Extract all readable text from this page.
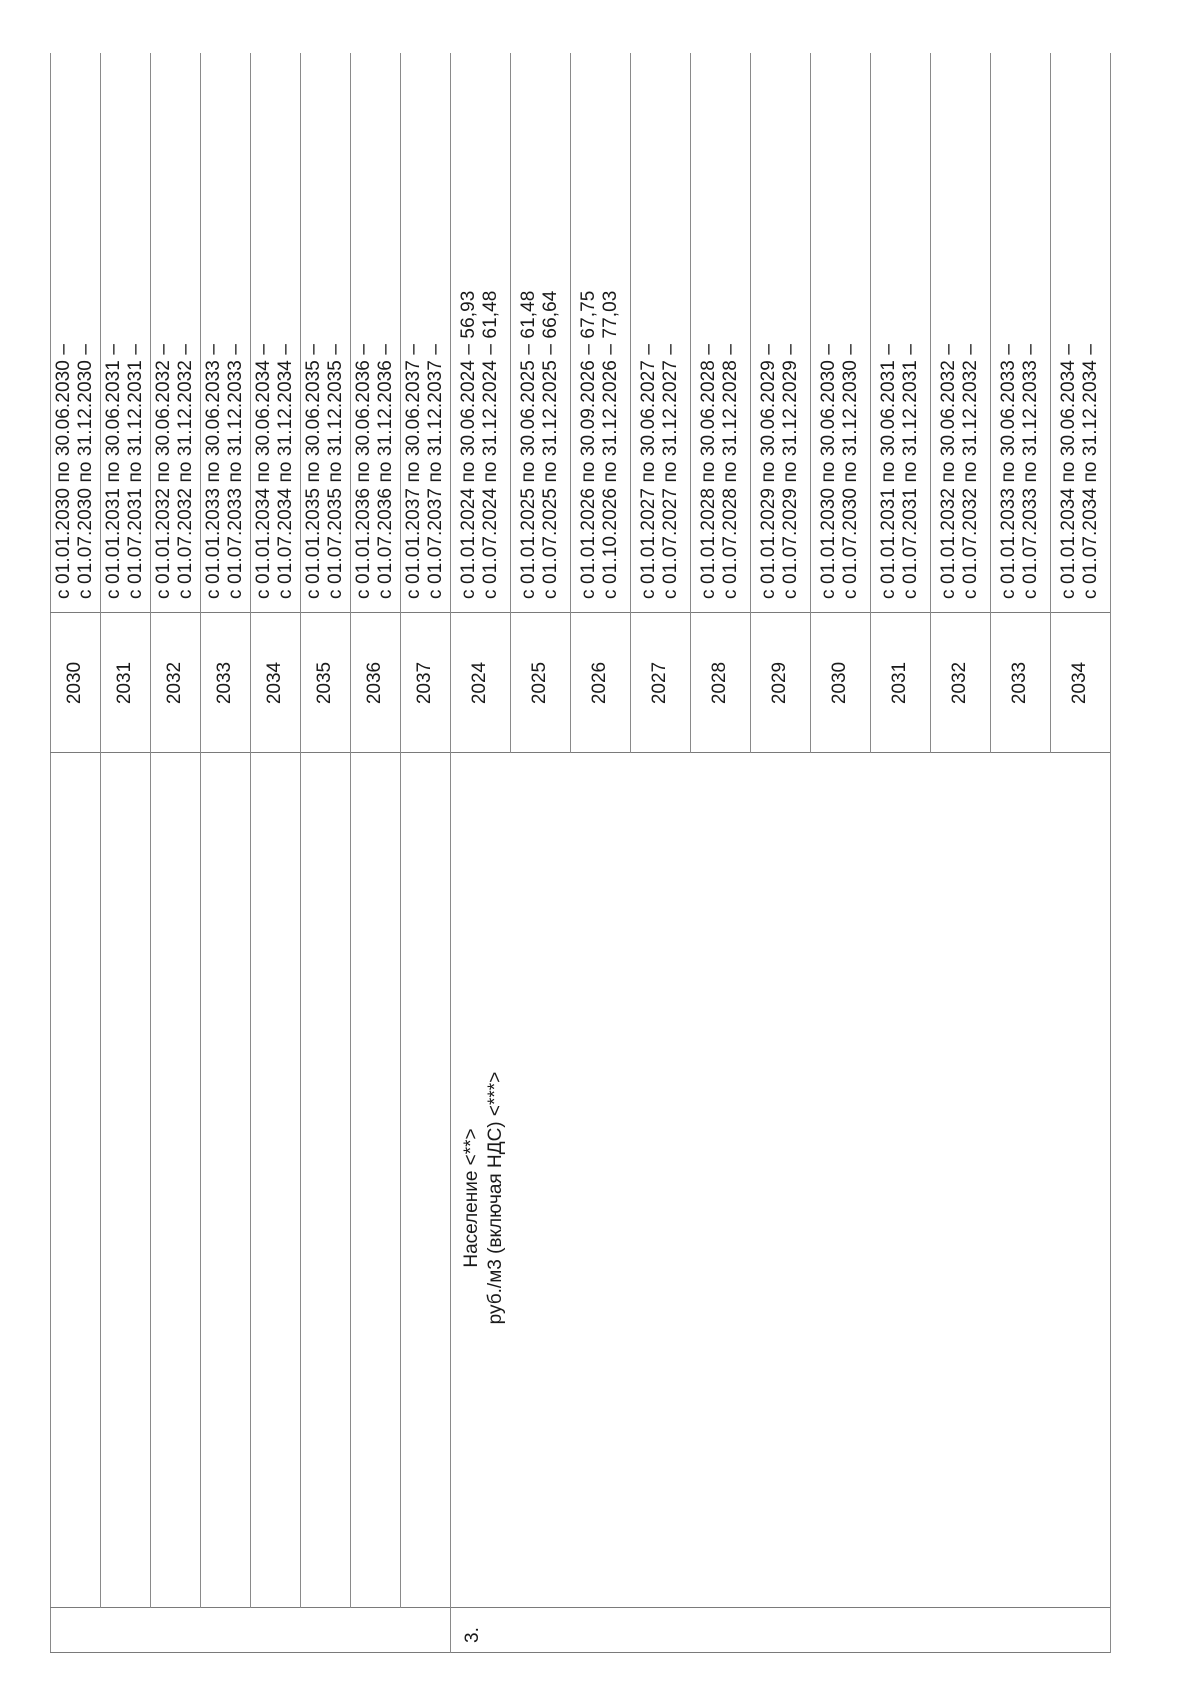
3.
Население <**> руб./м3 (включая НДС) <***>
2030
с 01.01.2030 по 30.06.2030 – с 01.07.2030 по 31.12.2030 –
2031
с 01.01.2031 по 30.06.2031 – с 01.07.2031 по 31.12.2031 –
2032
с 01.01.2032 по 30.06.2032 – с 01.07.2032 по 31.12.2032 –
2033
с 01.01.2033 по 30.06.2033 – с 01.07.2033 по 31.12.2033 –
2034
с 01.01.2034 по 30.06.2034 – с 01.07.2034 по 31.12.2034 –
2035
с 01.01.2035 по 30.06.2035 – с 01.07.2035 по 31.12.2035 –
2036
с 01.01.2036 по 30.06.2036 – с 01.07.2036 по 31.12.2036 –
2037
с 01.01.2037 по 30.06.2037 – с 01.07.2037 по 31.12.2037 –
2024
с 01.01.2024 по 30.06.2024 – 56,93 с 01.07.2024 по 31.12.2024 – 61,48
2025
с 01.01.2025 по 30.06.2025 – 61,48 с 01.07.2025 по 31.12.2025 – 66,64
2026
с 01.01.2026 по 30.09.2026 – 67,75 с 01.10.2026 по 31.12.2026 – 77,03
2027
с 01.01.2027 по 30.06.2027 – с 01.07.2027 по 31.12.2027 –
2028
с 01.01.2028 по 30.06.2028 – с 01.07.2028 по 31.12.2028 –
2029
с 01.01.2029 по 30.06.2029 – с 01.07.2029 по 31.12.2029 –
2030
с 01.01.2030 по 30.06.2030 – с 01.07.2030 по 31.12.2030 –
2031
с 01.01.2031 по 30.06.2031 – с 01.07.2031 по 31.12.2031 –
2032
с 01.01.2032 по 30.06.2032 – с 01.07.2032 по 31.12.2032 –
2033
с 01.01.2033 по 30.06.2033 – с 01.07.2033 по 31.12.2033 –
2034
с 01.01.2034 по 30.06.2034 – с 01.07.2034 по 31.12.2034 –
